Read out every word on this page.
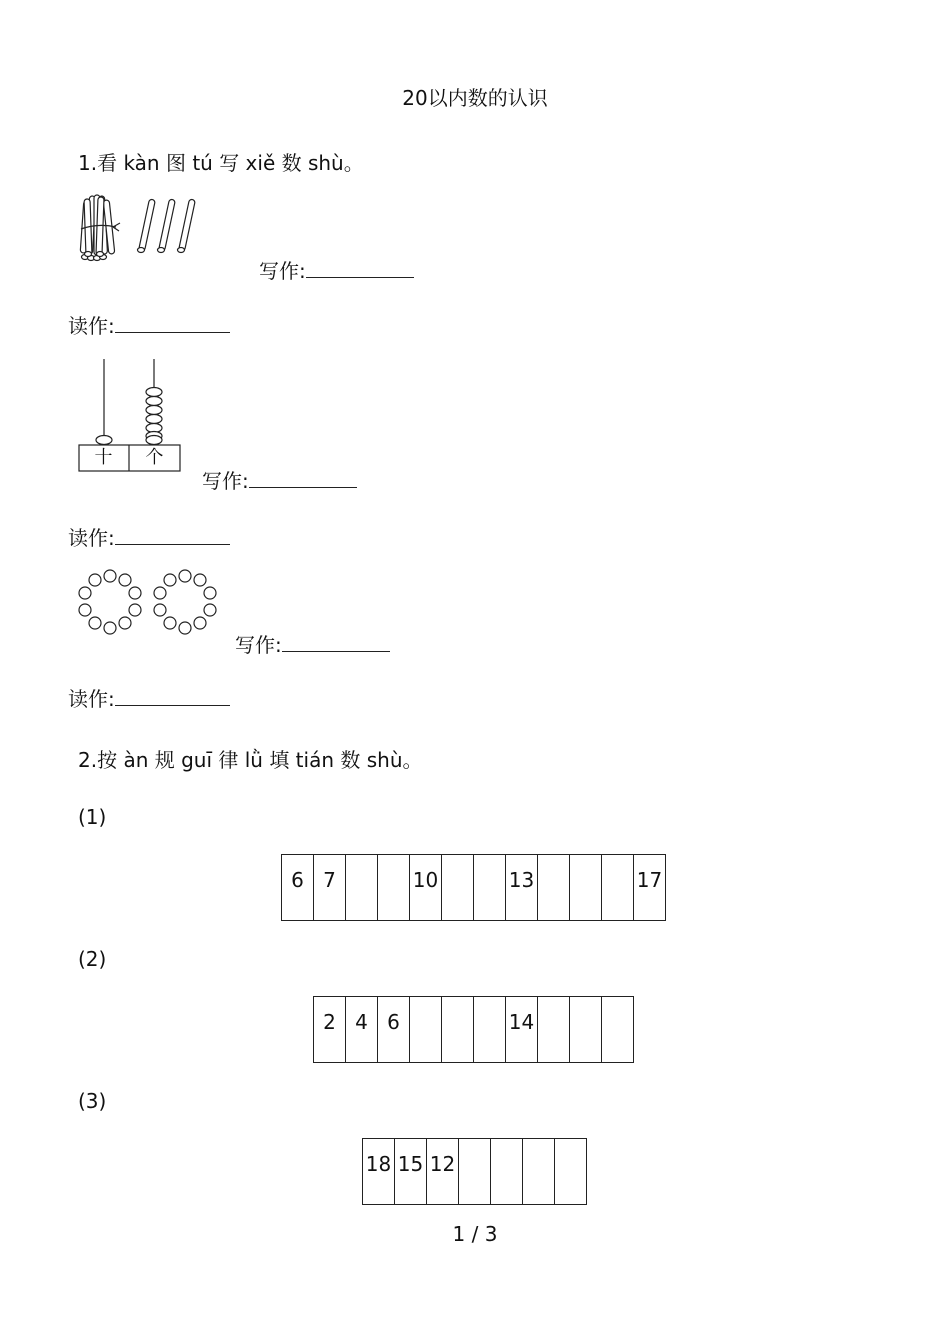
20以内数的认识
1.看 kàn 图 tú 写 xiě 数 shù。
写作:
读作:
十	个
写作:
读作:
写作:
读作:
2.按 àn 规 guī 律 lǜ 填 tián 数 shù。
(1)
6	7			10			13				17
(2)
2	4	6				14			
(3)
18	15	12				
1 / 3
